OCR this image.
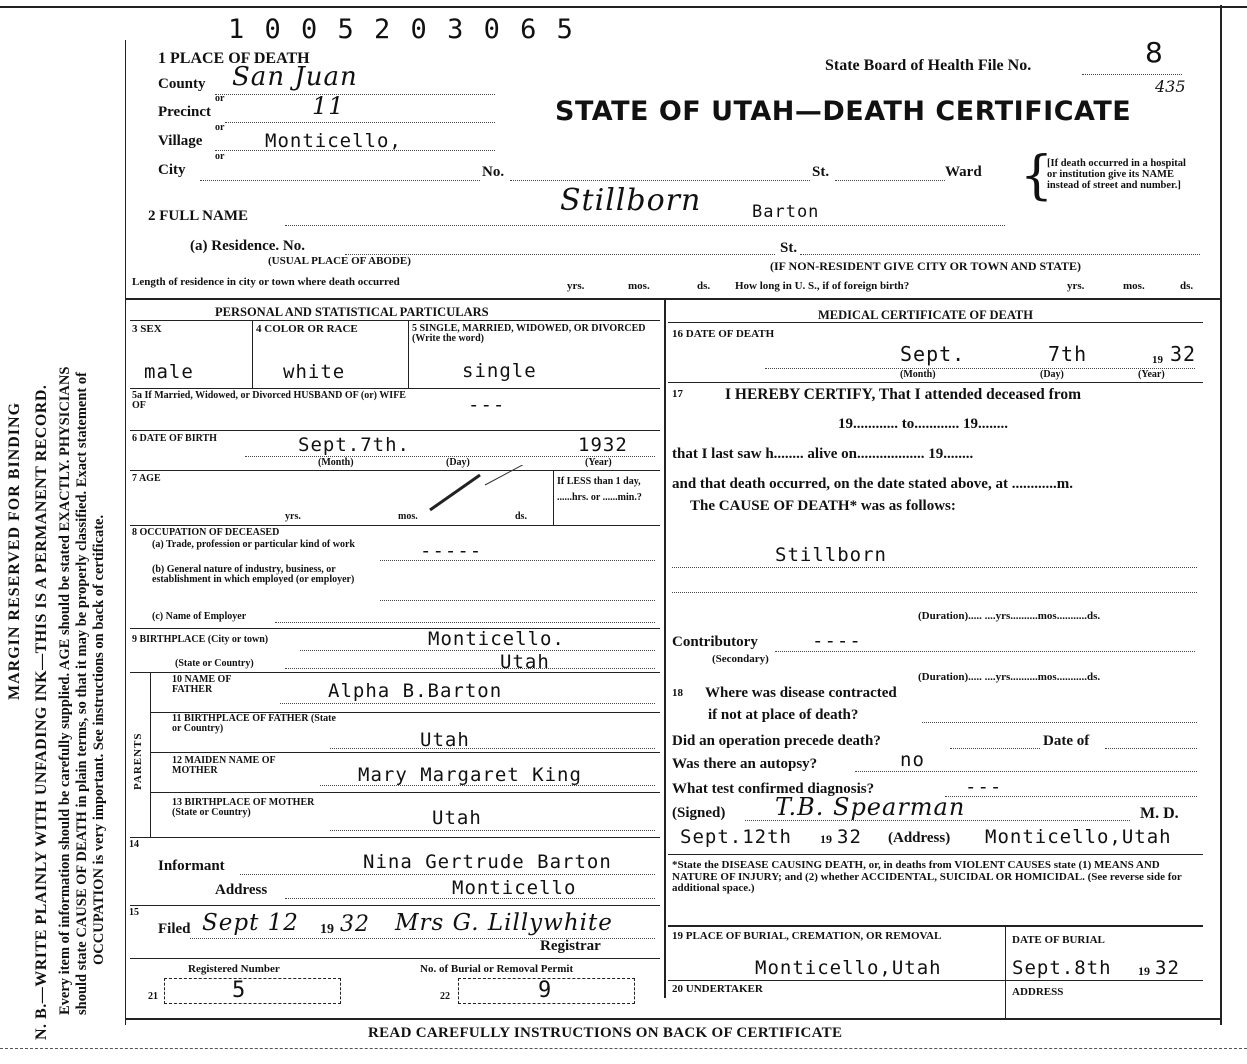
MARGIN RESERVED FOR BINDING N. B.—WRITE PLAINLY WITH UNFADING INK—THIS IS A PERMANENT RECORD. Every item of information should be carefully supplied. AGE should be stated EXACTLY. PHYSICIANS should state CAUSE OF DEATH in plain terms, so that it may be properly classified. Exact statement of OCCUPATION is very important. See instructions on back of certificate.
1 0 0 5 2 0 3 0 6 5
State Board of Health File No.	8
435
STATE OF UTAH—DEATH CERTIFICATE
1 PLACE OF DEATH
County San Juan
or
Precinct	11
or
Village	Monticello,
or
City	No.	St.	Ward {
[If death occurred in a hospital or institution give its NAME instead of street and number.]
2 FULL NAME	Stillborn	Barton
(a) Residence. No.	St.
(USUAL PLACE OF ABODE)	(IF NON-RESIDENT GIVE CITY OR TOWN AND STATE)
Length of residence in city or town where death occurred	yrs.	mos.	ds. How long in U. S., if of foreign birth?	yrs.	mos.	ds.
PERSONAL AND STATISTICAL PARTICULARS
3 SEX	4 COLOR OR RACE	5 SINGLE, MARRIED, WIDOWED, OR DIVORCED (Write the word)
male	white	single
5a If Married, Widowed, or Divorced HUSBAND OF (or) WIFE OF	---
6 DATE OF BIRTH	Sept.7th.	1932
(Month)	(Day)	(Year)
7 AGE	If LESS than 1 day, ......hrs. or ......min.?
yrs.	mos.	ds.
8 OCCUPATION OF DECEASED
(a) Trade, profession or particular kind of work	-----
(b) General nature of industry, business, or establishment in which employed (or employer)
(c) Name of Employer
9 BIRTHPLACE (City or town)	Monticello.
(State or Country)	Utah
PARENTS
10 NAME OF FATHER	Alpha B.Barton
11 BIRTHPLACE OF FATHER (State or Country)
Utah
12 MAIDEN NAME OF MOTHER	Mary Margaret King
13 BIRTHPLACE OF MOTHER (State or Country)	Utah
14
Informant	Nina Gertrude Barton
Address	Monticello
15
Filed Sept 12 19 32 Mrs G. Lillywhite
Registrar
Registered Number	No. of Burial or Removal Permit
21	5	22	9
MEDICAL CERTIFICATE OF DEATH
16 DATE OF DEATH
Sept.	7th	19 32
(Month)	(Day)	(Year)
17	I HEREBY CERTIFY, That I attended deceased from
19............ to............ 19........
that I last saw h........ alive on.................. 19........
and that death occurred, on the date stated above, at ............m.
The CAUSE OF DEATH* was as follows:
Stillborn
(Duration)..... ....yrs..........mos...........ds.
Contributory	----
(Secondary)
(Duration)..... ....yrs..........mos...........ds.
18 Where was disease contracted
if not at place of death?
Did an operation precede death?	Date of
Was there an autopsy?	no
What test confirmed diagnosis?	---
(Signed) T.B. Spearman	M. D.
Sept.12th 19 32 (Address) Monticello,Utah
*State the DISEASE CAUSING DEATH, or, in deaths from VIOLENT CAUSES state (1) MEANS AND NATURE OF INJURY; and (2) whether ACCIDENTAL, SUICIDAL OR HOMICIDAL. (See reverse side for additional space.)
19 PLACE OF BURIAL, CREMATION, OR REMOVAL
Monticello,Utah
DATE OF BURIAL
Sept.8th 19 32
20 UNDERTAKER	ADDRESS
READ CAREFULLY INSTRUCTIONS ON BACK OF CERTIFICATE
